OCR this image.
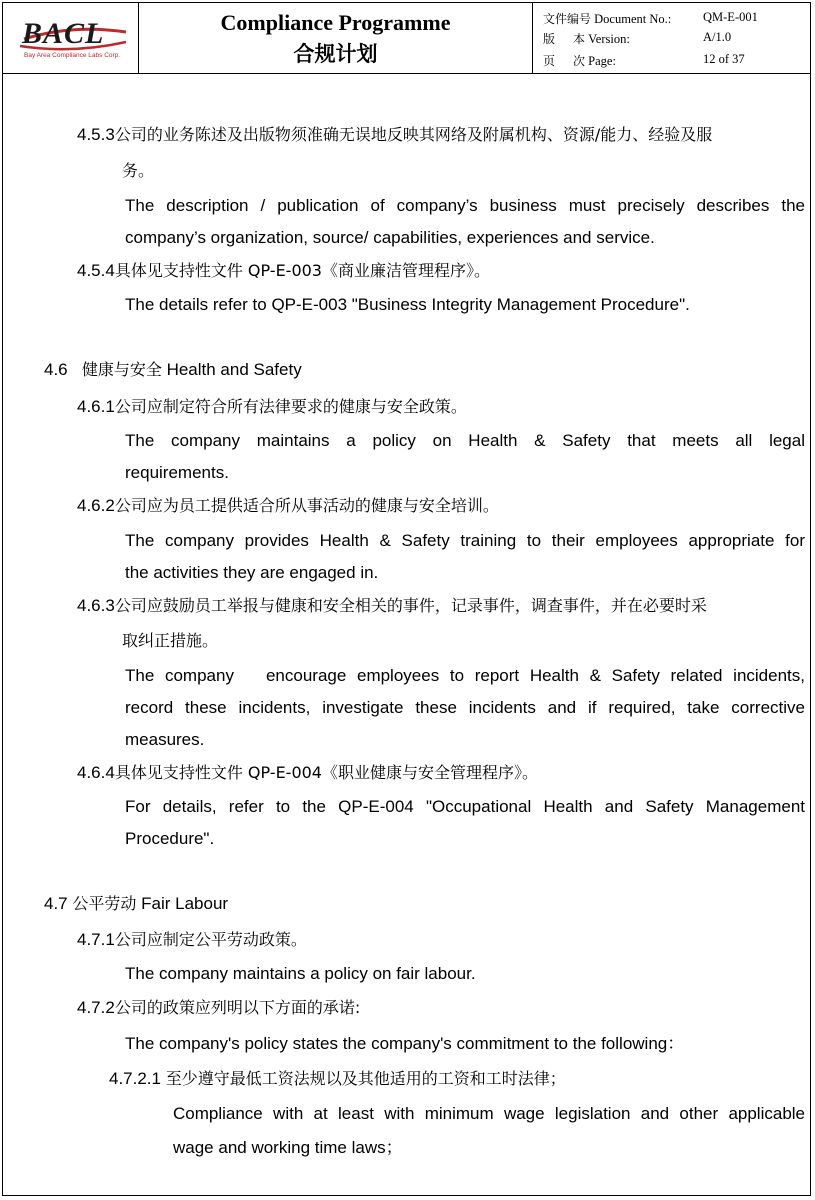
BACL
Bay Area Compliance Labs Corp.
Compliance Programme
合规计划
文件编号 Document No.:	QM-E-001
版 本 Version:	A/1.0
页 次 Page:	12 of 37
4.5.3公司的业务陈述及出版物须准确无误地反映其网络及附属机构、资源/能力、经验及服
务。
The description / publication of company’s business must precisely describes the
company’s organization, source/ capabilities, experiences and service.
4.5.4具体见支持性文件 QP-E-003《商业廉洁管理程序》。
The details refer to QP-E-003 "Business Integrity Management Procedure".
4.6 健康与安全 Health and Safety
4.6.1公司应制定符合所有法律要求的健康与安全政策。
The company maintains a policy on Health & Safety that meets all legal
requirements.
4.6.2公司应为员工提供适合所从事活动的健康与安全培训。
The company provides Health & Safety training to their employees appropriate for
the activities they are engaged in.
4.6.3公司应鼓励员工举报与健康和安全相关的事件，记录事件，调查事件，并在必要时采
取纠正措施。
The company   encourage employees to report Health & Safety related incidents,
record these incidents, investigate these incidents and if required, take corrective
measures.
4.6.4具体见支持性文件 QP-E-004《职业健康与安全管理程序》。
For details, refer to the QP-E-004 "Occupational Health and Safety Management
Procedure".
4.7 公平劳动 Fair Labour
4.7.1公司应制定公平劳动政策。
The company maintains a policy on fair labour.
4.7.2公司的政策应列明以下方面的承诺:
The company's policy states the company's commitment to the following：
4.7.2.1 至少遵守最低工资法规以及其他适用的工资和工时法律；
Compliance with at least with minimum wage legislation and other applicable
wage and working time laws；
